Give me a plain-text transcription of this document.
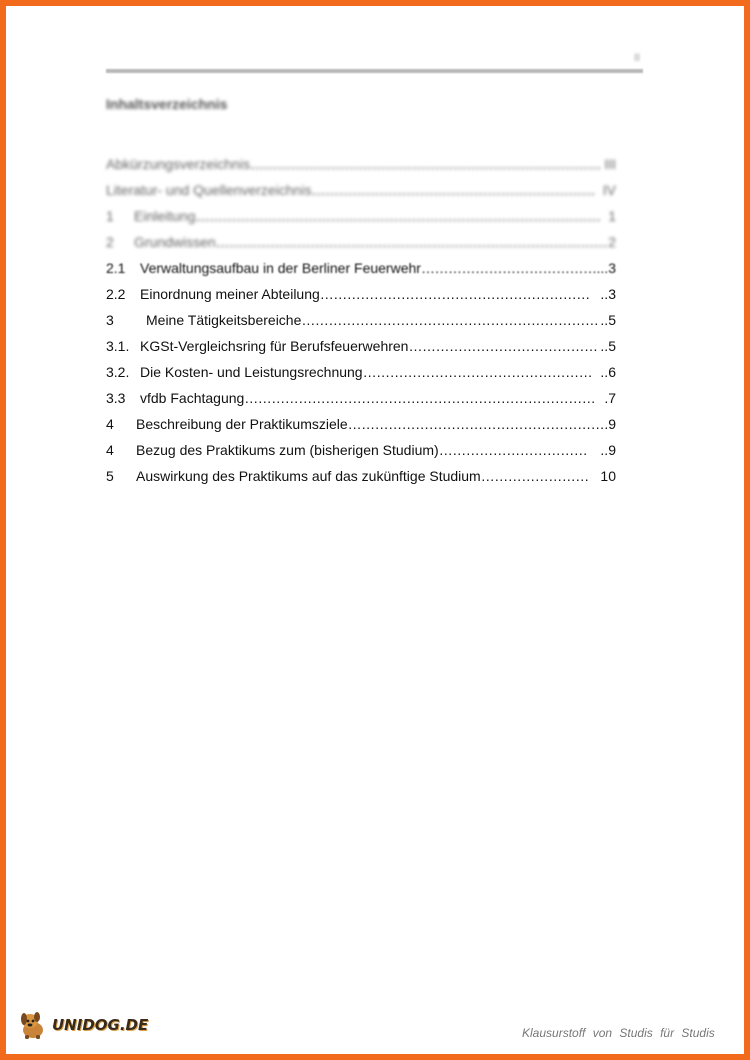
II
Inhaltsverzeichnis
Abkürzungsverzeichnis …………………………………………………………………… III
Literatur- und Quellenverzeichnis ……………………………………………………… IV
1 Einleitung ……………………………………………………………………………… 1
2 Grundwissen …………………………………………………………………………… 2
2.1 Verwaltungsaufbau in der Berliner Feuerwehr ………………………………… ...3
2.2 Einordnung meiner Abteilung …………………………………………………… ..3
3 Meine Tätigkeitsbereiche ………………………………………………………… ..5
3.1. KGSt-Vergleichsring für Berufsfeuerwehren …………………………………… ..5
3.2. Die Kosten- und Leistungsrechnung …………………………………………… ..6
3.3 vfdb Fachtagung …………………………………………………………………… .7
4 Beschreibung der Praktikumsziele ………………………………………………… .9
4 Bezug des Praktikums zum (bisherigen Studium) …………………………… ..9
5 Auswirkung des Praktikums auf das zukünftige Studium …………………… 10
UNIDOG.DE	Klausurstoff von Studis für Studis
